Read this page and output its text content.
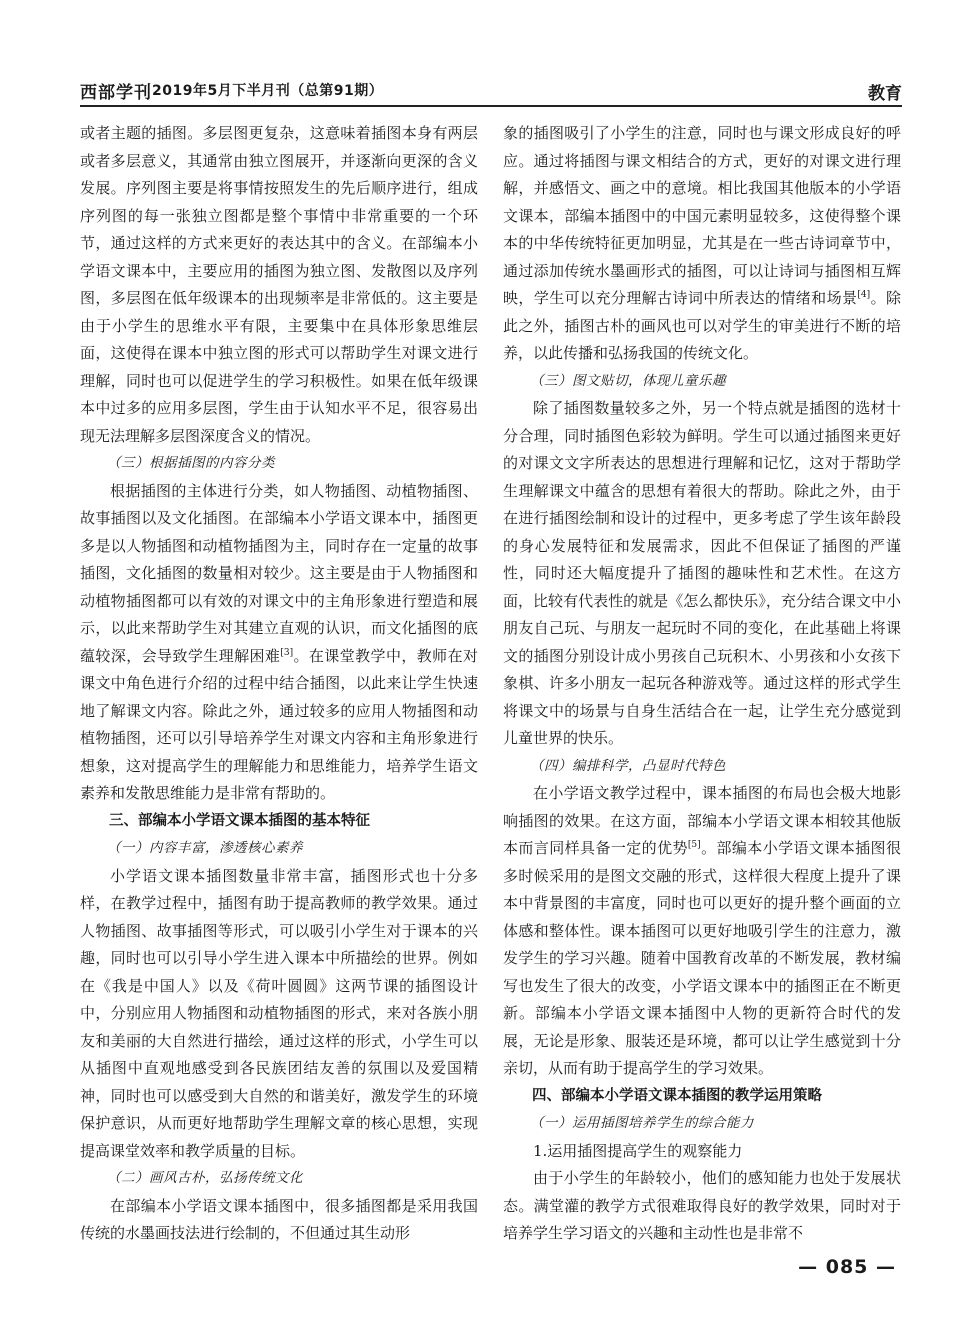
西部学刊 2019年5月下半月刊（总第91期）	教育

或者主题的插图。多层图更复杂，这意味着插图本身有两层或者多层意义，其通常由独立图展开，并逐渐向更深的含义发展。序列图主要是将事情按照发生的先后顺序进行，组成序列图的每一张独立图都是整个事情中非常重要的一个环节，通过这样的方式来更好的表达其中的含义。在部编本小学语文课本中，主要应用的插图为独立图、发散图以及序列图，多层图在低年级课本的出现频率是非常低的。这主要是由于小学生的思维水平有限，主要集中在具体形象思维层面，这使得在课本中独立图的形式可以帮助学生对课文进行理解，同时也可以促进学生的学习积极性。如果在低年级课本中过多的应用多层图，学生由于认知水平不足，很容易出现无法理解多层图深度含义的情况。

（三）根据插图的内容分类

根据插图的主体进行分类，如人物插图、动植物插图、故事插图以及文化插图。在部编本小学语文课本中，插图更多是以人物插图和动植物插图为主，同时存在一定量的故事插图，文化插图的数量相对较少。这主要是由于人物插图和动植物插图都可以有效的对课文中的主角形象进行塑造和展示，以此来帮助学生对其建立直观的认识，而文化插图的底蕴较深，会导致学生理解困难[3]。在课堂教学中，教师在对课文中角色进行介绍的过程中结合插图，以此来让学生快速地了解课文内容。除此之外，通过较多的应用人物插图和动植物插图，还可以引导培养学生对课文内容和主角形象进行想象，这对提高学生的理解能力和思维能力，培养学生语文素养和发散思维能力是非常有帮助的。

三、部编本小学语文课本插图的基本特征

（一）内容丰富，渗透核心素养

小学语文课本插图数量非常丰富，插图形式也十分多样，在教学过程中，插图有助于提高教师的教学效果。通过人物插图、故事插图等形式，可以吸引小学生对于课本的兴趣，同时也可以引导小学生进入课本中所描绘的世界。例如在《我是中国人》以及《荷叶圆圆》这两节课的插图设计中，分别应用人物插图和动植物插图的形式，来对各族小朋友和美丽的大自然进行描绘，通过这样的形式，小学生可以从插图中直观地感受到各民族团结友善的氛围以及爱国精神，同时也可以感受到大自然的和谐美好，激发学生的环境保护意识，从而更好地帮助学生理解文章的核心思想，实现提高课堂效率和教学质量的目标。

（二）画风古朴，弘扬传统文化

在部编本小学语文课本插图中，很多插图都是采用我国传统的水墨画技法进行绘制的，不但通过其生动形

象的插图吸引了小学生的注意，同时也与课文形成良好的呼应。通过将插图与课文相结合的方式，更好的对课文进行理解，并感悟文、画之中的意境。相比我国其他版本的小学语文课本，部编本插图中的中国元素明显较多，这使得整个课本的中华传统特征更加明显，尤其是在一些古诗词章节中，通过添加传统水墨画形式的插图，可以让诗词与插图相互辉映，学生可以充分理解古诗词中所表达的情绪和场景[4]。除此之外，插图古朴的画风也可以对学生的审美进行不断的培养，以此传播和弘扬我国的传统文化。

（三）图文贴切，体现儿童乐趣

除了插图数量较多之外，另一个特点就是插图的选材十分合理，同时插图色彩较为鲜明。学生可以通过插图来更好的对课文文字所表达的思想进行理解和记忆，这对于帮助学生理解课文中蕴含的思想有着很大的帮助。除此之外，由于在进行插图绘制和设计的过程中，更多考虑了学生该年龄段的身心发展特征和发展需求，因此不但保证了插图的严谨性，同时还大幅度提升了插图的趣味性和艺术性。在这方面，比较有代表性的就是《怎么都快乐》，充分结合课文中小朋友自己玩、与朋友一起玩时不同的变化，在此基础上将课文的插图分别设计成小男孩自己玩积木、小男孩和小女孩下象棋、许多小朋友一起玩各种游戏等。通过这样的形式学生将课文中的场景与自身生活结合在一起，让学生充分感觉到儿童世界的快乐。

（四）编排科学，凸显时代特色

在小学语文教学过程中，课本插图的布局也会极大地影响插图的效果。在这方面，部编本小学语文课本相较其他版本而言同样具备一定的优势[5]。部编本小学语文课本插图很多时候采用的是图文交融的形式，这样很大程度上提升了课本中背景图的丰富度，同时也可以更好的提升整个画面的立体感和整体性。课本插图可以更好地吸引学生的注意力，激发学生的学习兴趣。随着中国教育改革的不断发展，教材编写也发生了很大的改变，小学语文课本中的插图正在不断更新。部编本小学语文课本插图中人物的更新符合时代的发展，无论是形象、服装还是环境，都可以让学生感觉到十分亲切，从而有助于提高学生的学习效果。

四、部编本小学语文课本插图的教学运用策略

（一）运用插图培养学生的综合能力

1.运用插图提高学生的观察能力

由于小学生的年龄较小，他们的感知能力也处于发展状态。满堂灌的教学方式很难取得良好的教学效果，同时对于培养学生学习语文的兴趣和主动性也是非常不

— 085 —
